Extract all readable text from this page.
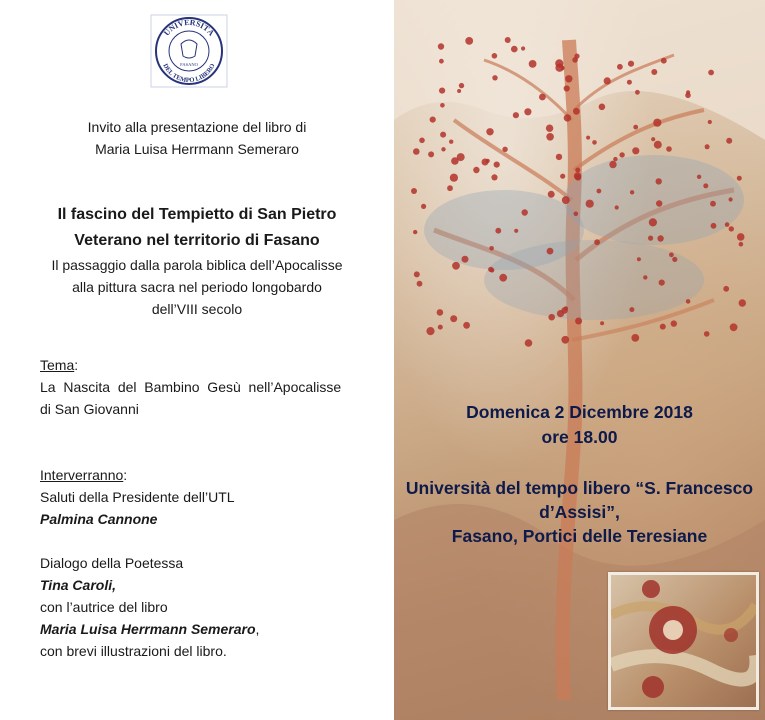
UNIVERSITÀ
DEL TEMPO LIBERO
FASANO
Invito alla presentazione del libro di
Maria Luisa Herrmann Semeraro
Il fascino del Tempietto di San Pietro
Veterano nel territorio di Fasano
Il passaggio dalla parola biblica dell’Apocalisse
alla pittura sacra nel periodo longobardo
dell’VIII secolo
Tema:
La  Nascita  del  Bambino  Gesù  nell’Apocalisse
di San Giovanni
Interverranno:
Saluti della Presidente dell’UTL
Palmina Cannone
Dialogo della Poetessa
Tina Caroli,
con l’autrice del libro
Maria Luisa Herrmann Semeraro,
con brevi illustrazioni del libro.
Domenica 2 Dicembre 2018
ore 18.00
Università del tempo libero “S. Francesco
d’Assisi”,
Fasano, Portici delle Teresiane
